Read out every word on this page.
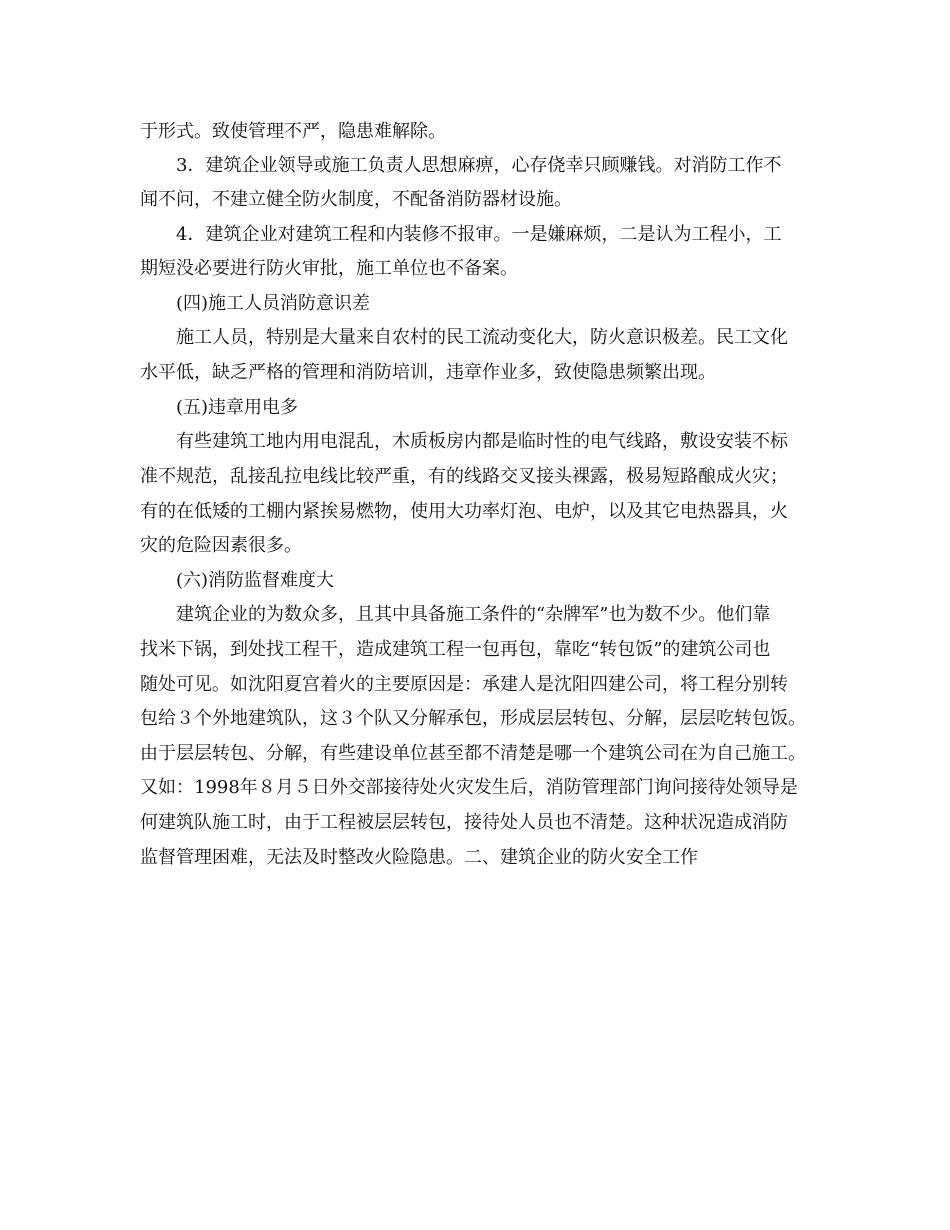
于形式。致使管理不严，隐患难解除。
3．建筑企业领导或施工负责人思想麻痹，心存侥幸只顾赚钱。对消防工作不
闻不问，不建立健全防火制度，不配备消防器材设施。
4．建筑企业对建筑工程和内装修不报审。一是嫌麻烦，二是认为工程小，工
期短没必要进行防火审批，施工单位也不备案。
(四)施工人员消防意识差
施工人员，特别是大量来自农村的民工流动变化大，防火意识极差。民工文化
水平低，缺乏严格的管理和消防培训，违章作业多，致使隐患频繁出现。
(五)违章用电多
有些建筑工地内用电混乱，木质板房内都是临时性的电气线路，敷设安装不标
准不规范，乱接乱拉电线比较严重，有的线路交叉接头裸露，极易短路酿成火灾；
有的在低矮的工棚内紧挨易燃物，使用大功率灯泡、电炉，以及其它电热器具，火
灾的危险因素很多。
(六)消防监督难度大
建筑企业的为数众多，且其中具备施工条件的“杂牌军”也为数不少。他们靠
找米下锅，到处找工程干，造成建筑工程一包再包，靠吃“转包饭”的建筑公司也
随处可见。如沈阳夏宫着火的主要原因是：承建人是沈阳四建公司，将工程分别转
包给３个外地建筑队，这３个队又分解承包，形成层层转包、分解，层层吃转包饭。
由于层层转包、分解，有些建设单位甚至都不清楚是哪一个建筑公司在为自己施工。
又如：1998年８月５日外交部接待处火灾发生后，消防管理部门询问接待处领导是
何建筑队施工时，由于工程被层层转包，接待处人员也不清楚。这种状况造成消防
监督管理困难，无法及时整改火险隐患。二、建筑企业的防火安全工作
